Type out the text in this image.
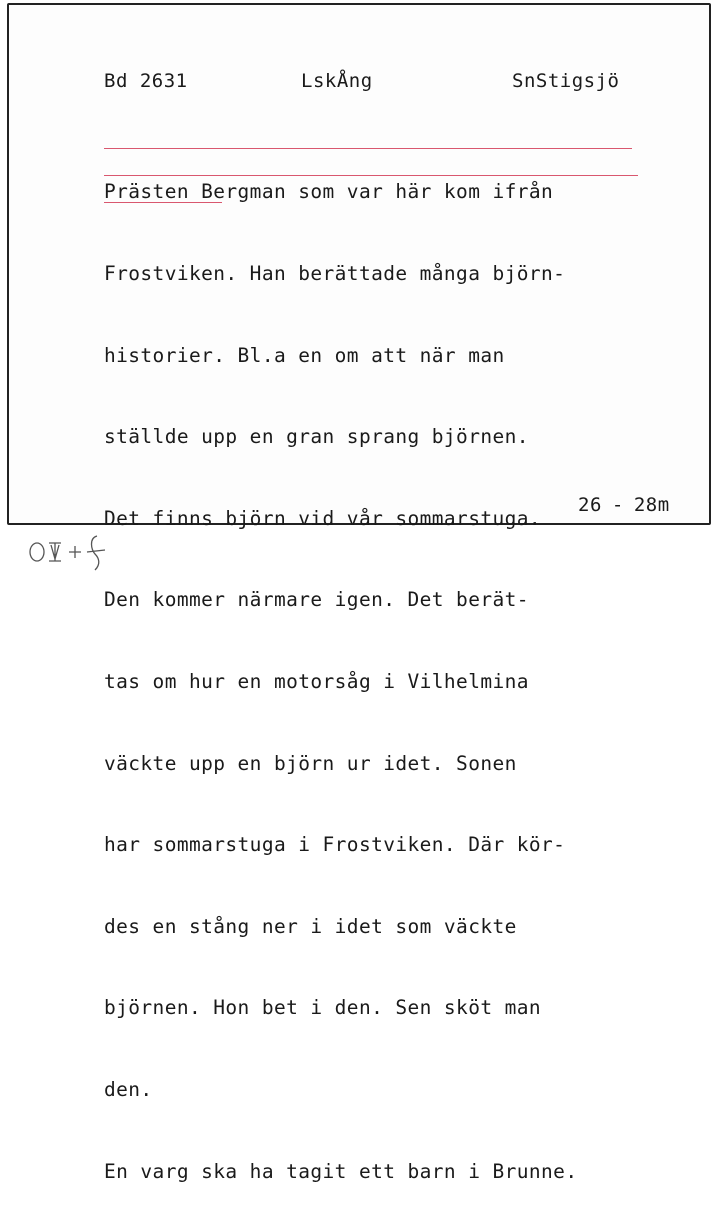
Bd 2631	LskÅng	SnStigsjö

Prästen Bergman som var här kom ifrån

Frostviken. Han berättade många björn-

historier. Bl.a en om att när man

ställde upp en gran sprang björnen.

Det finns björn vid vår sommarstuga.

Den kommer närmare igen. Det berät-

tas om hur en motorsåg i Vilhelmina

väckte upp en björn ur idet. Sonen

har sommarstuga i Frostviken. Där kör-

des en stång ner i idet som väckte

björnen. Hon bet i den. Sen sköt man

den.

En varg ska ha tagit ett barn i Brunne.

26 - 28m
